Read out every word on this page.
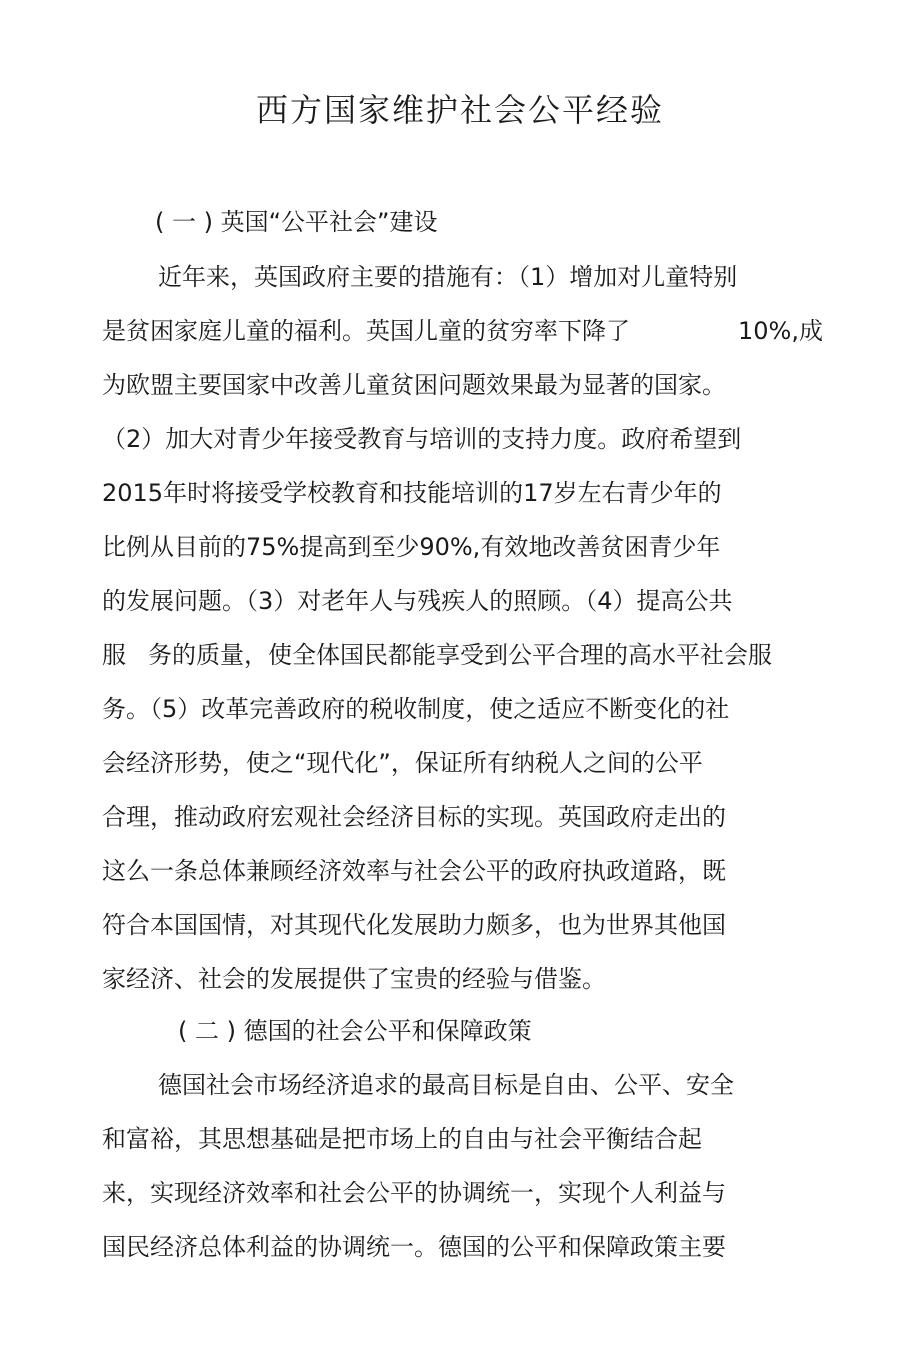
西方国家维护社会公平经验
( 一 ) 英国“公平社会”建设
近年来，英国政府主要的措施有：（1）增加对儿童特别
是贫困家庭儿童的福利。英国儿童的贫穷率下降了	10%,成
为欧盟主要国家中改善儿童贫困问题效果最为显著的国家。
（2）加大对青少年接受教育与培训的支持力度。政府希望到
2015年时将接受学校教育和技能培训的17岁左右青少年的
比例从目前的75%提高到至少90%,有效地改善贫困青少年
的发展问题。（3）对老年人与残疾人的照顾。（4）提高公共
服 务的质量，使全体国民都能享受到公平合理的高水平社会服
务。（5）改革完善政府的税收制度，使之适应不断变化的社
会经济形势，使之“现代化”，保证所有纳税人之间的公平
合理，推动政府宏观社会经济目标的实现。英国政府走出的
这么一条总体兼顾经济效率与社会公平的政府执政道路，既
符合本国国情，对其现代化发展助力颇多，也为世界其他国
家经济、社会的发展提供了宝贵的经验与借鉴。
( 二 ) 德国的社会公平和保障政策
德国社会市场经济追求的最高目标是自由、公平、安全
和富裕，其思想基础是把市场上的自由与社会平衡结合起
来，实现经济效率和社会公平的协调统一，实现个人利益与
国民经济总体利益的协调统一。德国的公平和保障政策主要
